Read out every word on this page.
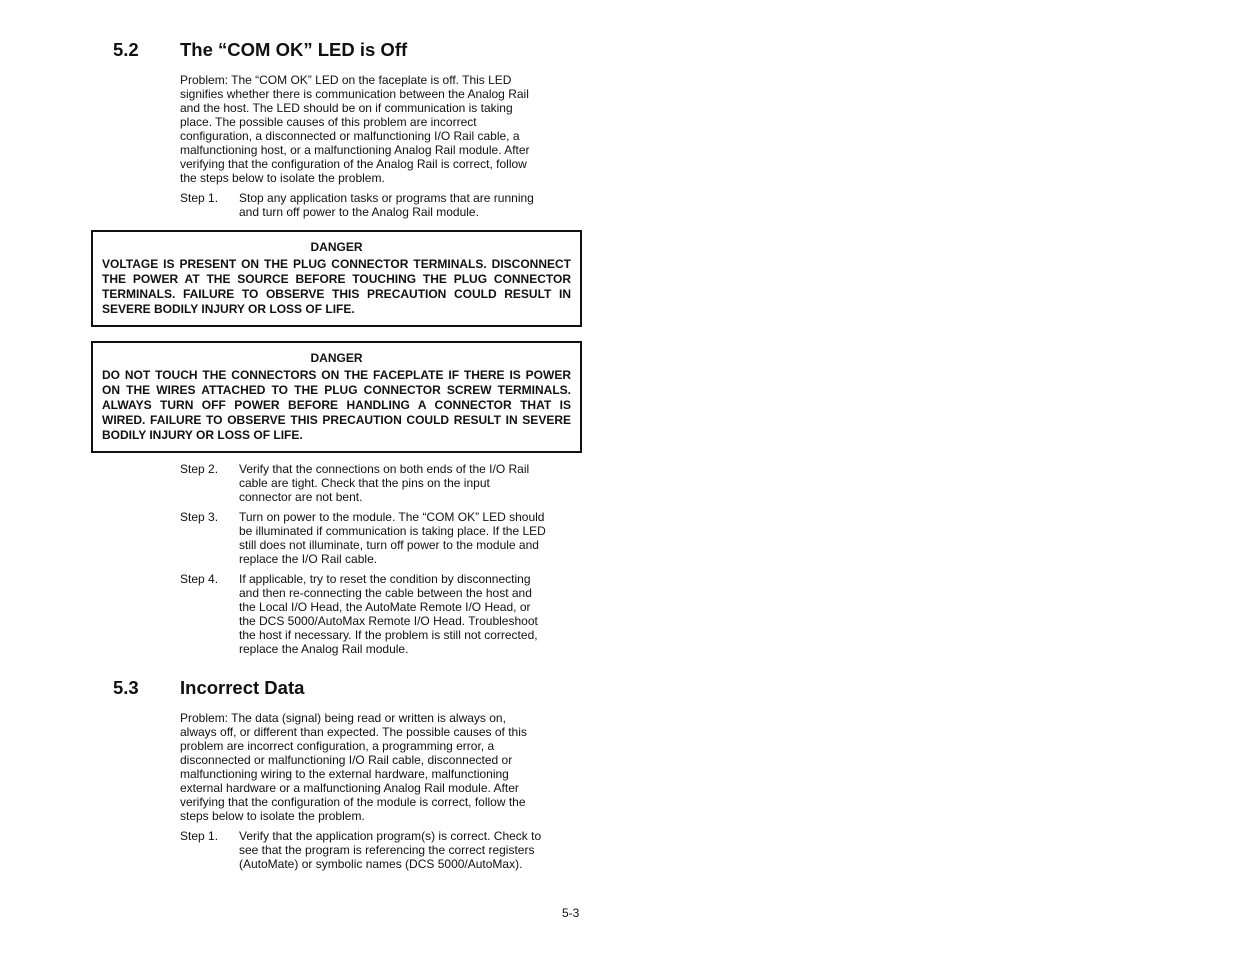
5.2 The “COM OK” LED is Off
Problem: The “COM OK” LED on the faceplate is off. This LED
signifies whether there is communication between the Analog Rail
and the host. The LED should be on if communication is taking
place. The possible causes of this problem are incorrect
configuration, a disconnected or malfunctioning I/O Rail cable, a
malfunctioning host, or a malfunctioning Analog Rail module. After
verifying that the configuration of the Analog Rail is correct, follow
the steps below to isolate the problem.
Step 1. Stop any application tasks or programs that are running
and turn off power to the Analog Rail module.
DANGER
VOLTAGE IS PRESENT ON THE PLUG CONNECTOR TERMINALS. DISCONNECT
THE POWER AT THE SOURCE BEFORE TOUCHING THE PLUG CONNECTOR
TERMINALS. FAILURE TO OBSERVE THIS PRECAUTION COULD RESULT IN
SEVERE BODILY INJURY OR LOSS OF LIFE.
DANGER
DO NOT TOUCH THE CONNECTORS ON THE FACEPLATE IF THERE IS POWER
ON THE WIRES ATTACHED TO THE PLUG CONNECTOR SCREW TERMINALS.
ALWAYS TURN OFF POWER BEFORE HANDLING A CONNECTOR THAT IS
WIRED. FAILURE TO OBSERVE THIS PRECAUTION COULD RESULT IN SEVERE
BODILY INJURY OR LOSS OF LIFE.
Step 2. Verify that the connections on both ends of the I/O Rail
cable are tight. Check that the pins on the input
connector are not bent.
Step 3. Turn on power to the module. The “COM OK” LED should
be illuminated if communication is taking place. If the LED
still does not illuminate, turn off power to the module and
replace the I/O Rail cable.
Step 4. If applicable, try to reset the condition by disconnecting
and then re-connecting the cable between the host and
the Local I/O Head, the AutoMate Remote I/O Head, or
the DCS 5000/AutoMax Remote I/O Head. Troubleshoot
the host if necessary. If the problem is still not corrected,
replace the Analog Rail module.
5.3 Incorrect Data
Problem: The data (signal) being read or written is always on,
always off, or different than expected. The possible causes of this
problem are incorrect configuration, a programming error, a
disconnected or malfunctioning I/O Rail cable, disconnected or
malfunctioning wiring to the external hardware, malfunctioning
external hardware or a malfunctioning Analog Rail module. After
verifying that the configuration of the module is correct, follow the
steps below to isolate the problem.
Step 1. Verify that the application program(s) is correct. Check to
see that the program is referencing the correct registers
(AutoMate) or symbolic names (DCS 5000/AutoMax).
5-3
